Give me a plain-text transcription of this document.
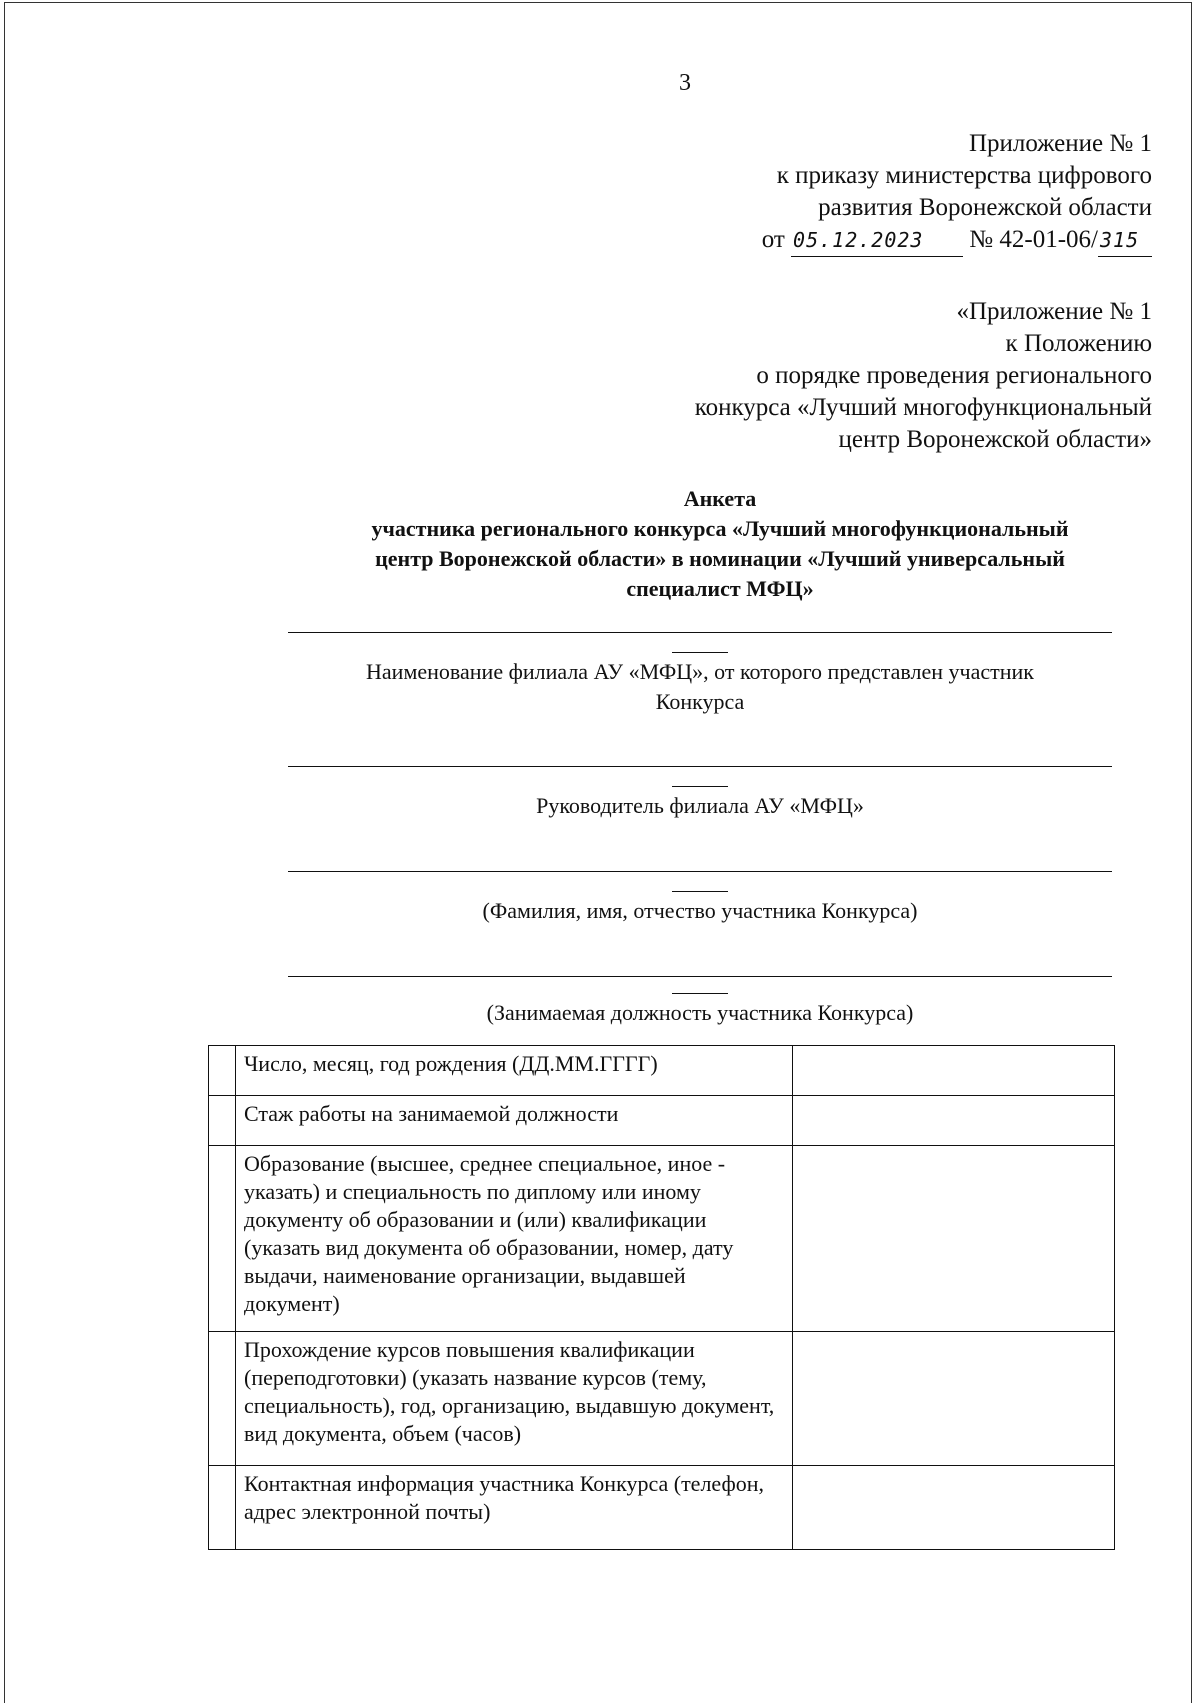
3
Приложение № 1
к приказу министерства цифрового
развития Воронежской области
от 05.12.2023 № 42-01-06/ 315
«Приложение № 1
к Положению
о порядке проведения регионального
конкурса «Лучший многофункциональный
центр Воронежской области»
Анкета
участника регионального конкурса «Лучший многофункциональный
центр Воронежской области» в номинации «Лучший универсальный
специалист МФЦ»
Наименование филиала АУ «МФЦ», от которого представлен участник
Конкурса
Руководитель филиала АУ «МФЦ»
(Фамилия, имя, отчество участника Конкурса)
(Занимаемая должность участника Конкурса)
	Число, месяц, год рождения (ДД.ММ.ГГГГ)	
	Стаж работы на занимаемой должности	
	Образование (высшее, среднее специальное, иное - указать) и специальность по диплому или иному документу об образовании и (или) квалификации (указать вид документа об образовании, номер, дату выдачи, наименование организации, выдавшей документ)	
	Прохождение курсов повышения квалификации (переподготовки) (указать название курсов (тему, специальность), год, организацию, выдавшую документ, вид документа, объем (часов)	
	Контактная информация участника Конкурса (телефон, адрес электронной почты)	
